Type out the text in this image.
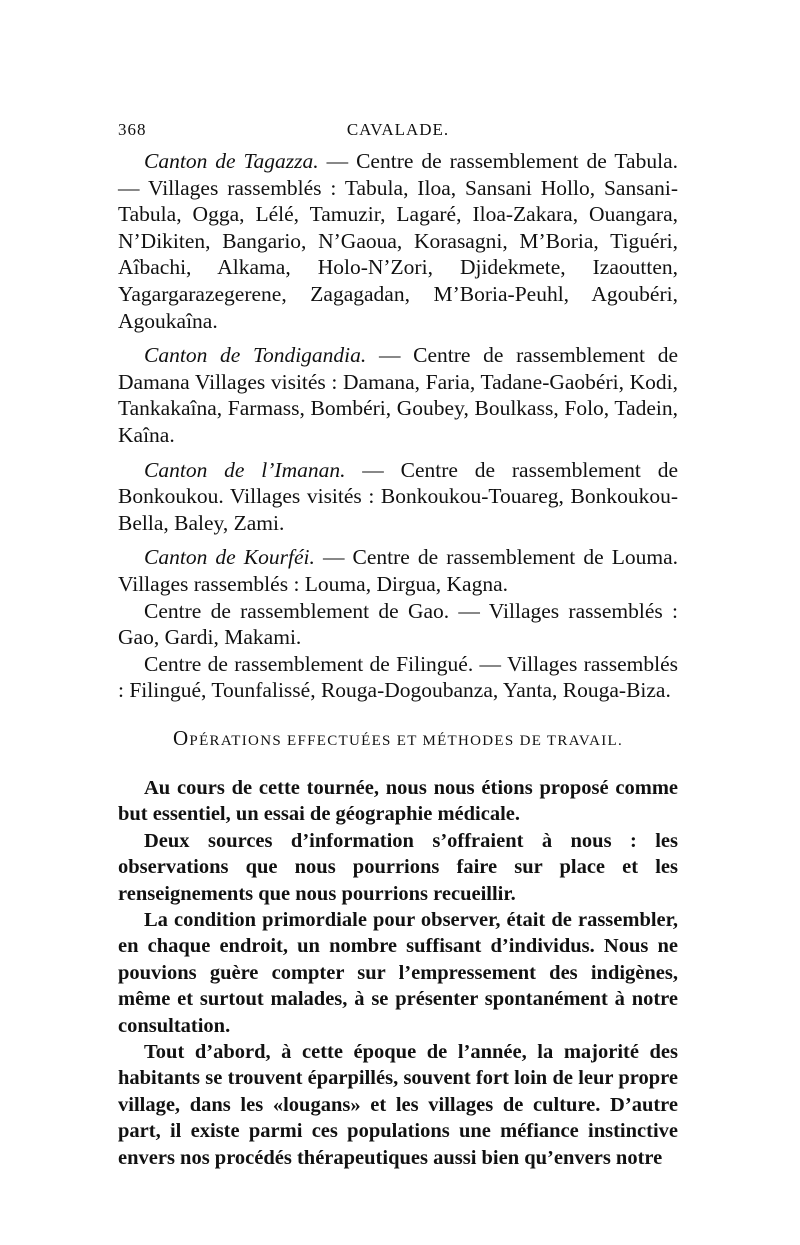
368	CAVALADE.

Canton de Tagazza. — Centre de rassemblement de Tabula. — Villages rassemblés : Tabula, Iloa, Sansani Hollo, Sansani-Tabula, Ogga, Lélé, Tamuzir, Lagaré, Iloa-Zakara, Ouangara, N’Dikiten, Bangario, N’Gaoua, Korasagni, M’Boria, Tiguéri, Aîbachi, Alkama, Holo-N’Zori, Djidekmete, Izaoutten, Yagargarazegerene, Zagagadan, M’Boria-Peuhl, Agoubéri, Agoukaîna.

Canton de Tondigandia. — Centre de rassemblement de Damana Villages visités : Damana, Faria, Tadane-Gaobéri, Kodi, Tankakaîna, Farmass, Bombéri, Goubey, Boulkass, Folo, Tadein, Kaîna.

Canton de l’Imanan. — Centre de rassemblement de Bonkoukou. Villages visités : Bonkoukou-Touareg, Bonkoukou-Bella, Baley, Zami.

Canton de Kourféi. — Centre de rassemblement de Louma. Villages rassemblés : Louma, Dirgua, Kagna.

Centre de rassemblement de Gao. — Villages rassemblés : Gao, Gardi, Makami.

Centre de rassemblement de Filingué. — Villages rassemblés : Filingué, Tounfalissé, Rouga-Dogoubanza, Yanta, Rouga-Biza.

OPÉRATIONS EFFECTUÉES ET MÉTHODES DE TRAVAIL.

Au cours de cette tournée, nous nous étions proposé comme but essentiel, un essai de géographie médicale.

Deux sources d’information s’offraient à nous : les observations que nous pourrions faire sur place et les renseignements que nous pourrions recueillir.

La condition primordiale pour observer, était de rassembler, en chaque endroit, un nombre suffisant d’individus. Nous ne pouvions guère compter sur l’empressement des indigènes, même et surtout malades, à se présenter spontanément à notre consultation.

Tout d’abord, à cette époque de l’année, la majorité des habitants se trouvent éparpillés, souvent fort loin de leur propre village, dans les «lougans» et les villages de culture. D’autre part, il existe parmi ces populations une méfiance instinctive envers nos procédés thérapeutiques aussi bien qu’envers notre
